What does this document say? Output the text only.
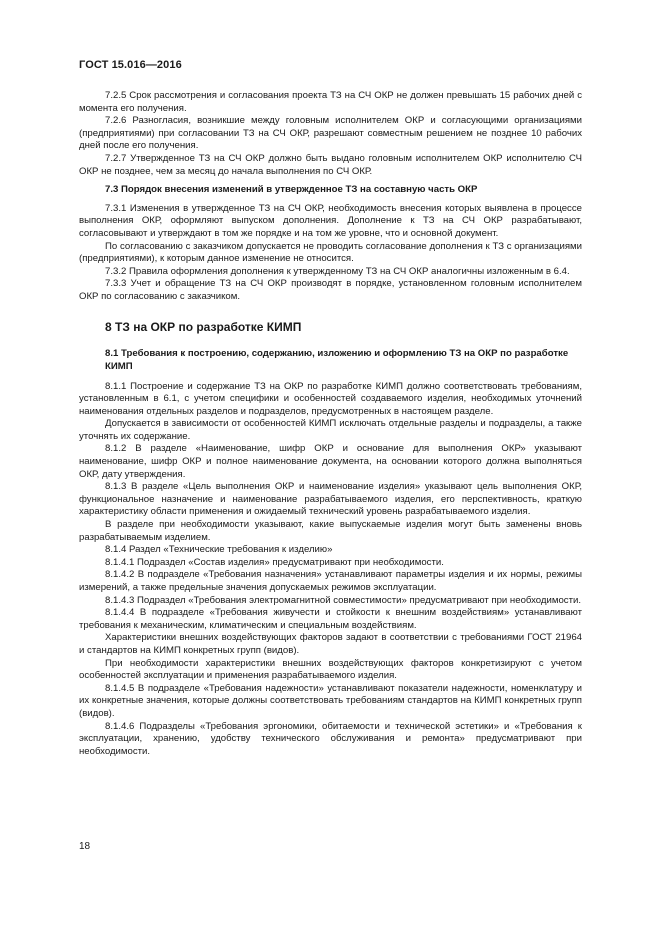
ГОСТ 15.016—2016

7.2.5 Срок рассмотрения и согласования проекта ТЗ на СЧ ОКР не должен превышать 15 рабочих дней с момента его получения.

7.2.6 Разногласия, возникшие между головным исполнителем ОКР и согласующими организациями (предприятиями) при согласовании ТЗ на СЧ ОКР, разрешают совместным решением не позднее 10 рабочих дней после его получения.

7.2.7 Утвержденное ТЗ на СЧ ОКР должно быть выдано головным исполнителем ОКР исполнителю СЧ ОКР не позднее, чем за месяц до начала выполнения по СЧ ОКР.

7.3 Порядок внесения изменений в утвержденное ТЗ на составную часть ОКР

7.3.1 Изменения в утвержденное ТЗ на СЧ ОКР, необходимость внесения которых выявлена в процессе выполнения ОКР, оформляют выпуском дополнения. Дополнение к ТЗ на СЧ ОКР разрабатывают, согласовывают и утверждают в том же порядке и на том же уровне, что и основной документ.

По согласованию с заказчиком допускается не проводить согласование дополнения к ТЗ с организациями (предприятиями), к которым данное изменение не относится.

7.3.2 Правила оформления дополнения к утвержденному ТЗ на СЧ ОКР аналогичны изложенным в 6.4.

7.3.3 Учет и обращение ТЗ на СЧ ОКР производят в порядке, установленном головным исполнителем ОКР по согласованию с заказчиком.

8 ТЗ на ОКР по разработке КИМП

8.1 Требования к построению, содержанию, изложению и оформлению ТЗ на ОКР по разработке КИМП

8.1.1 Построение и содержание ТЗ на ОКР по разработке КИМП должно соответствовать требованиям, установленным в 6.1, с учетом специфики и особенностей создаваемого изделия, необходимых уточнений наименования отдельных разделов и подразделов, предусмотренных в настоящем разделе.

Допускается в зависимости от особенностей КИМП исключать отдельные разделы и подразделы, а также уточнять их содержание.

8.1.2 В разделе «Наименование, шифр ОКР и основание для выполнения ОКР» указывают наименование, шифр ОКР и полное наименование документа, на основании которого должна выполняться ОКР, дату утверждения.

8.1.3 В разделе «Цель выполнения ОКР и наименование изделия» указывают цель выполнения ОКР, функциональное назначение и наименование разрабатываемого изделия, его перспективность, краткую характеристику области применения и ожидаемый технический уровень разрабатываемого изделия.

В разделе при необходимости указывают, какие выпускаемые изделия могут быть заменены вновь разрабатываемым изделием.

8.1.4 Раздел «Технические требования к изделию»

8.1.4.1 Подраздел «Состав изделия» предусматривают при необходимости.

8.1.4.2 В подразделе «Требования назначения» устанавливают параметры изделия и их нормы, режимы измерений, а также предельные значения допускаемых режимов эксплуатации.

8.1.4.3 Подраздел «Требования электромагнитной совместимости» предусматривают при необходимости.

8.1.4.4 В подразделе «Требования живучести и стойкости к внешним воздействиям» устанавливают требования к механическим, климатическим и специальным воздействиям.

Характеристики внешних воздействующих факторов задают в соответствии с требованиями ГОСТ 21964 и стандартов на КИМП конкретных групп (видов).

При необходимости характеристики внешних воздействующих факторов конкретизируют с учетом особенностей эксплуатации и применения разрабатываемого изделия.

8.1.4.5 В подразделе «Требования надежности» устанавливают показатели надежности, номенклатуру и их конкретные значения, которые должны соответствовать требованиям стандартов на КИМП конкретных групп (видов).

8.1.4.6 Подразделы «Требования эргономики, обитаемости и технической эстетики» и «Требования к эксплуатации, хранению, удобству технического обслуживания и ремонта» предусматривают при необходимости.

18
